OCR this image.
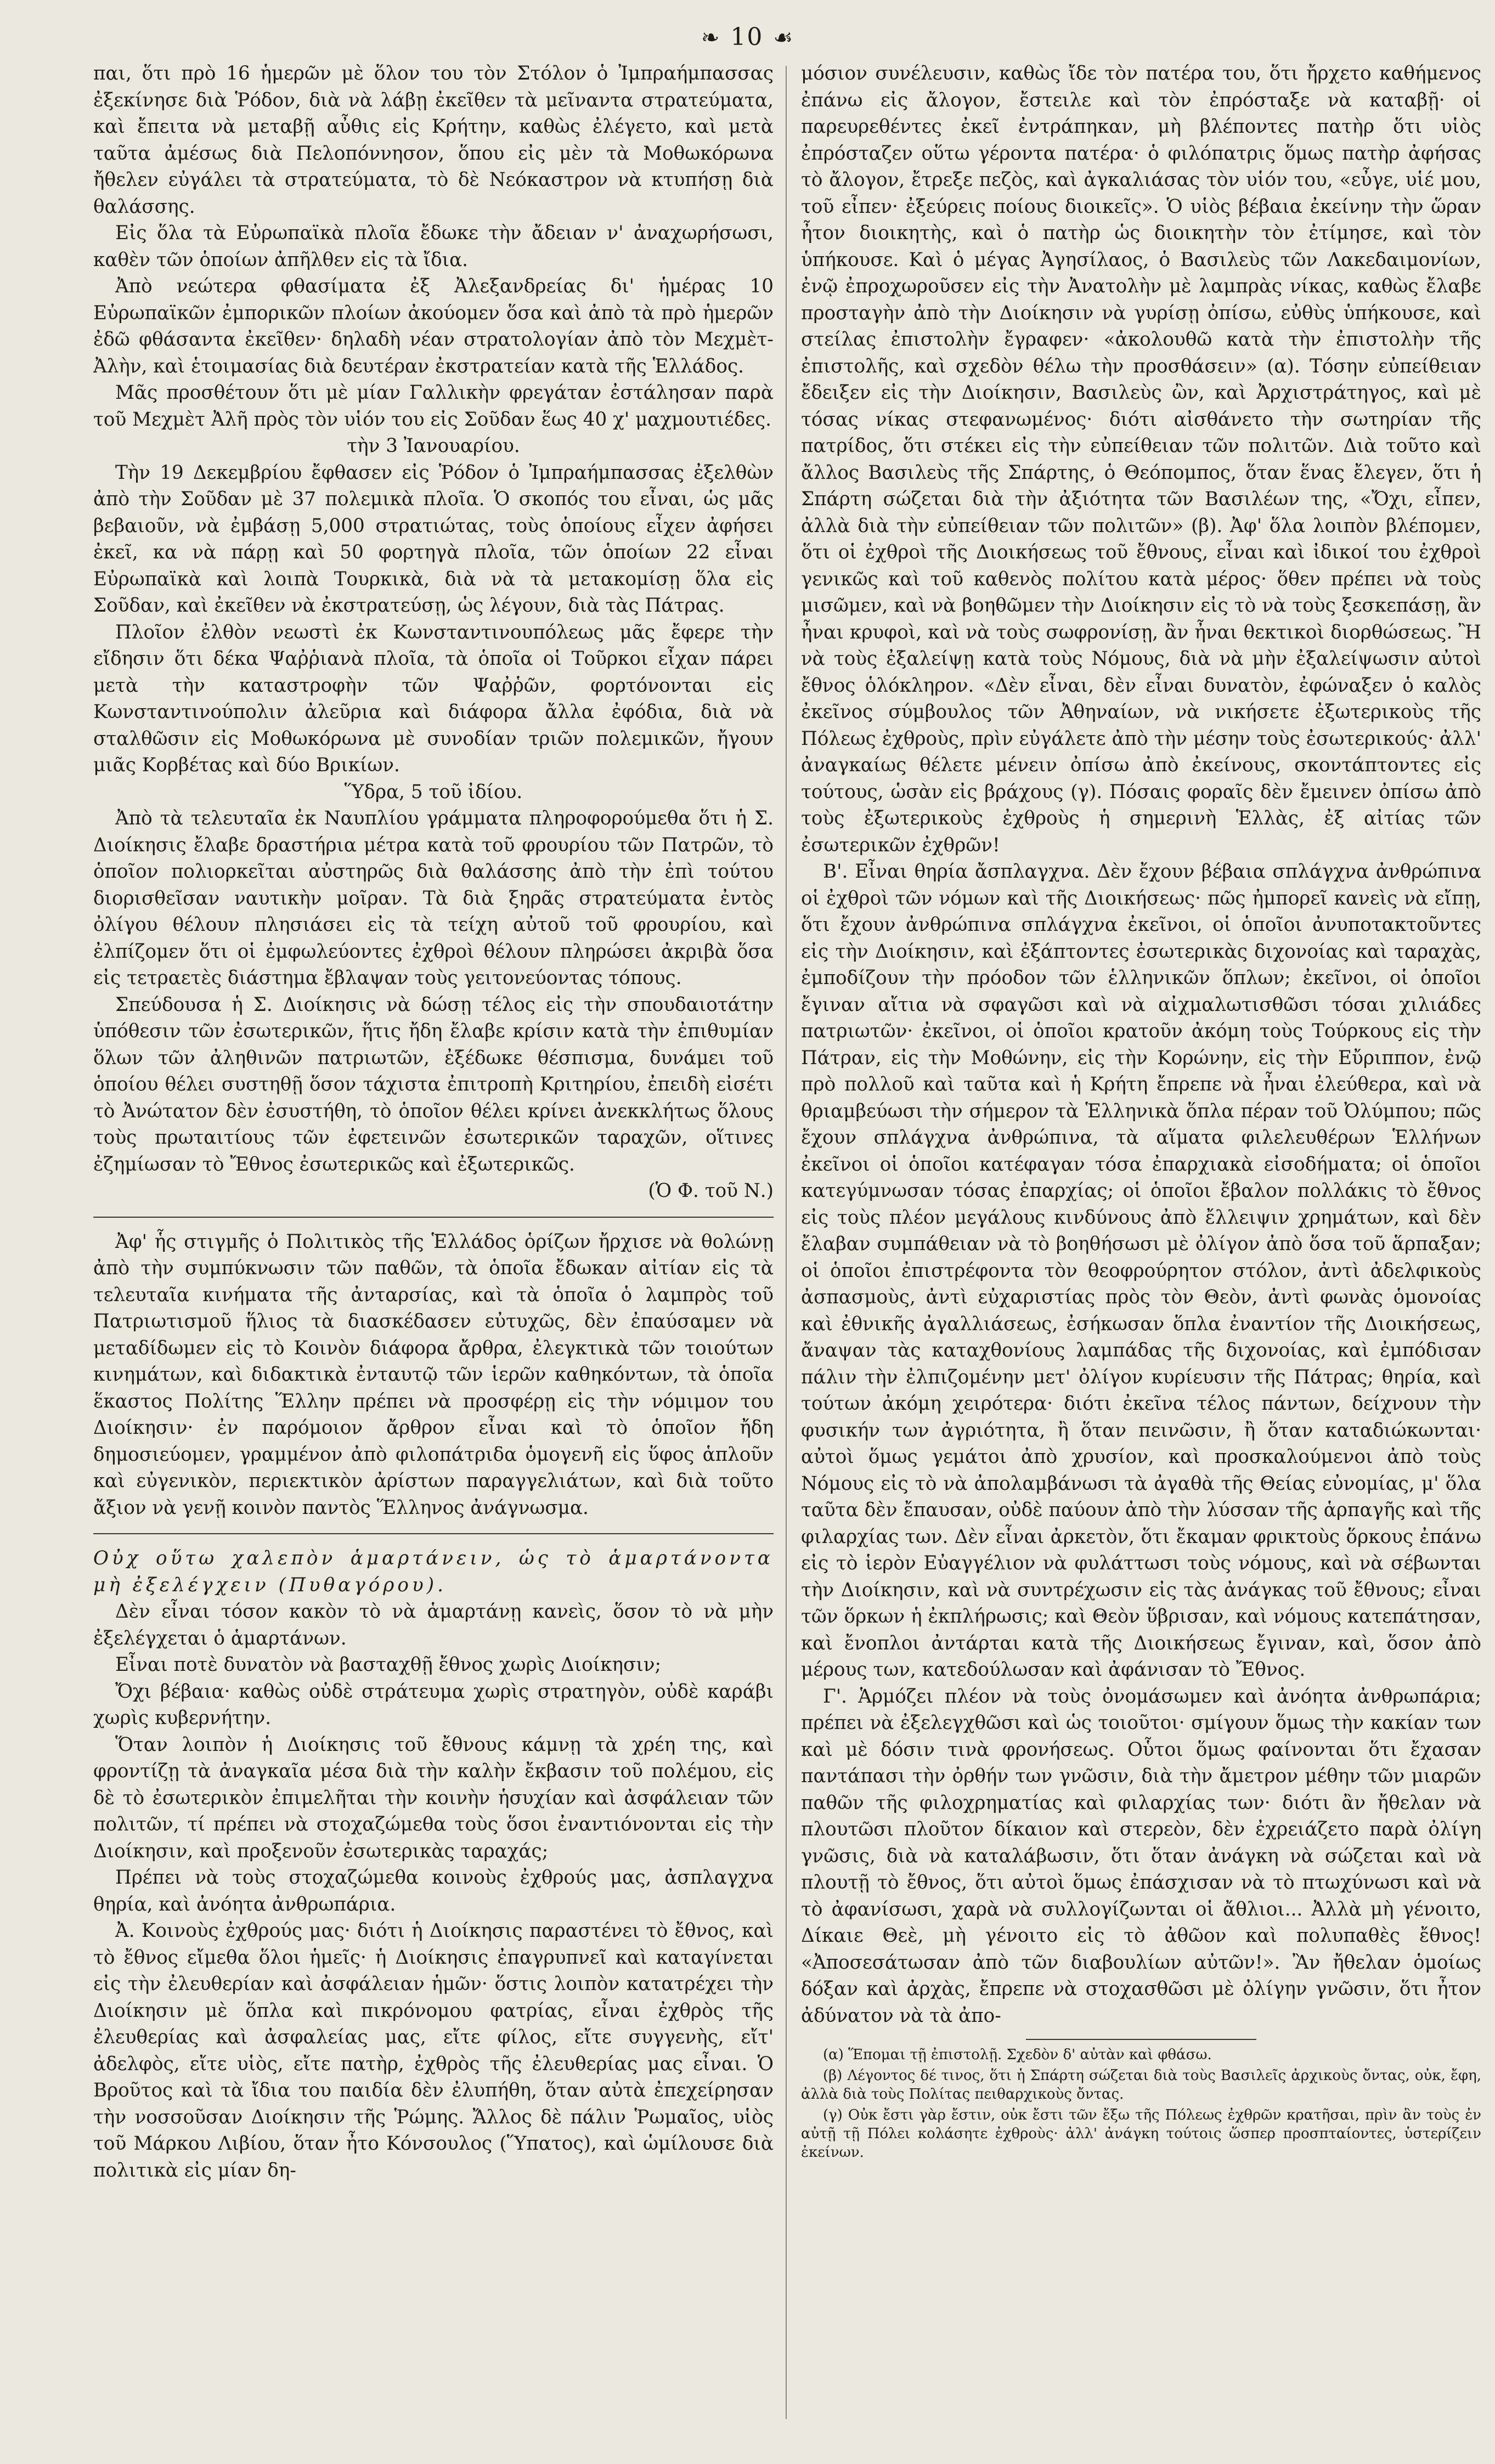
❧ 10 ☙

παι, ὅτι πρὸ 16 ἡμερῶν μὲ ὅλον του τὸν Στόλον ὁ Ἰμπραήμπασσας ἐξεκίνησε διὰ Ῥόδον, διὰ νὰ λάβῃ ἐκεῖθεν τὰ μεῖναντα στρατεύματα, καὶ ἔπειτα νὰ μεταβῇ αὖθις εἰς Κρήτην, καθὼς ἐλέγετο, καὶ μετὰ ταῦτα ἀμέσως διὰ Πελοπόννησον, ὅπου εἰς μὲν τὰ Μοθωκόρωνα ἤθελεν εὐγάλει τὰ στρατεύματα, τὸ δὲ Νεόκαστρον νὰ κτυπήσῃ διὰ θαλάσσης.

Εἰς ὅλα τὰ Εὐρωπαϊκὰ πλοῖα ἔδωκε τὴν ἄδειαν ν' ἀναχωρήσωσι, καθὲν τῶν ὁποίων ἀπῆλθεν εἰς τὰ ἴδια.

Ἀπὸ νεώτερα φθασίματα ἐξ Ἀλεξανδρείας δι' ἡμέρας 10 Εὐρωπαϊκῶν ἐμπορικῶν πλοίων ἀκούομεν ὅσα καὶ ἀπὸ τὰ πρὸ ἡμερῶν ἐδῶ φθάσαντα ἐκεῖθεν· δηλαδὴ νέαν στρατολογίαν ἀπὸ τὸν Μεχμὲτ-Ἀλὴν, καὶ ἑτοιμασίας διὰ δευτέραν ἐκστρατείαν κατὰ τῆς Ἑλλάδος.

Μᾶς προσθέτουν ὅτι μὲ μίαν Γαλλικὴν φρεγάταν ἐστάλησαν παρὰ τοῦ Μεχμὲτ Ἀλῆ πρὸς τὸν υἱόν του εἰς Σοῦδαν ἕως 40 χ' μαχμουτιέδες.

τὴν 3 Ἰανουαρίου.

Τὴν 19 Δεκεμβρίου ἔφθασεν εἰς Ῥόδον ὁ Ἰμπραήμπασσας ἐξελθὼν ἀπὸ τὴν Σοῦδαν μὲ 37 πολεμικὰ πλοῖα. Ὁ σκοπός του εἶναι, ὡς μᾶς βεβαιοῦν, νὰ ἐμβάσῃ 5,000 στρατιώτας, τοὺς ὁποίους εἶχεν ἀφήσει ἐκεῖ, κα νὰ πάρῃ καὶ 50 φορτηγὰ πλοῖα, τῶν ὁποίων 22 εἶναι Εὐρωπαϊκὰ καὶ λοιπὰ Τουρκικὰ, διὰ νὰ τὰ μετακομίσῃ ὅλα εἰς Σοῦδαν, καὶ ἐκεῖθεν νὰ ἐκστρατεύσῃ, ὡς λέγουν, διὰ τὰς Πάτρας.

Πλοῖον ἐλθὸν νεωστὶ ἐκ Κωνσταντινουπόλεως μᾶς ἔφερε τὴν εἴδησιν ὅτι δέκα Ψαῤῥιανὰ πλοῖα, τὰ ὁποῖα οἱ Τοῦρκοι εἶχαν πάρει μετὰ τὴν καταστροφὴν τῶν Ψαῤῥῶν, φορτόνονται εἰς Κωνσταντινούπολιν ἀλεῦρια καὶ διάφορα ἄλλα ἐφόδια, διὰ νὰ σταλθῶσιν εἰς Μοθωκόρωνα μὲ συνοδίαν τριῶν πολεμικῶν, ἤγουν μιᾶς Κορβέτας καὶ δύο Βρικίων.

Ὕδρα, 5 τοῦ ἰδίου.

Ἀπὸ τὰ τελευταῖα ἐκ Ναυπλίου γράμματα πληροφορούμεθα ὅτι ἡ Σ. Διοίκησις ἔλαβε δραστήρια μέτρα κατὰ τοῦ φρουρίου τῶν Πατρῶν, τὸ ὁποῖον πολιορκεῖται αὐστηρῶς διὰ θαλάσσης ἀπὸ τὴν ἐπὶ τούτου διορισθεῖσαν ναυτικὴν μοῖραν. Τὰ διὰ ξηρᾶς στρατεύματα ἐντὸς ὀλίγου θέλουν πλησιάσει εἰς τὰ τείχη αὐτοῦ τοῦ φρουρίου, καὶ ἐλπίζομεν ὅτι οἱ ἐμφωλεύοντες ἐχθροὶ θέλουν πληρώσει ἀκριβὰ ὅσα εἰς τετραετὲς διάστημα ἔβλαψαν τοὺς γειτονεύοντας τόπους.

Σπεύδουσα ἡ Σ. Διοίκησις νὰ δώσῃ τέλος εἰς τὴν σπουδαιοτάτην ὑπόθεσιν τῶν ἐσωτερικῶν, ἥτις ἤδη ἔλαβε κρίσιν κατὰ τὴν ἐπιθυμίαν ὅλων τῶν ἀληθινῶν πατριωτῶν, ἐξέδωκε θέσπισμα, δυνάμει τοῦ ὁποίου θέλει συστηθῇ ὅσον τάχιστα ἐπιτροπὴ Κριτηρίου, ἐπειδὴ εἰσέτι τὸ Ἀνώτατον δὲν ἐσυστήθη, τὸ ὁποῖον θέλει κρίνει ἀνεκκλήτως ὅλους τοὺς πρωταιτίους τῶν ἐφετεινῶν ἐσωτερικῶν ταραχῶν, οἵτινες ἐζημίωσαν τὸ Ἔθνος ἐσωτερικῶς καὶ ἐξωτερικῶς.

(Ὁ Φ. τοῦ Ν.)

Ἀφ' ἧς στιγμῆς ὁ Πολιτικὸς τῆς Ἑλλάδος ὁρίζων ἤρχισε νὰ θολώνῃ ἀπὸ τὴν συμπύκνωσιν τῶν παθῶν, τὰ ὁποῖα ἔδωκαν αἰτίαν εἰς τὰ τελευταῖα κινήματα τῆς ἀνταρσίας, καὶ τὰ ὁποῖα ὁ λαμπρὸς τοῦ Πατριωτισμοῦ ἥλιος τὰ διασκέδασεν εὐτυχῶς, δὲν ἐπαύσαμεν νὰ μεταδίδωμεν εἰς τὸ Κοινὸν διάφορα ἄρθρα, ἐλεγκτικὰ τῶν τοιούτων κινημάτων, καὶ διδακτικὰ ἐνταυτῷ τῶν ἱερῶν καθηκόντων, τὰ ὁποῖα ἕκαστος Πολίτης Ἕλλην πρέπει νὰ προσφέρῃ εἰς τὴν νόμιμον του Διοίκησιν· ἐν παρόμοιον ἄρθρον εἶναι καὶ τὸ ὁποῖον ἤδη δημοσιεύομεν, γραμμένον ἀπὸ φιλοπάτριδα ὁμογενῆ εἰς ὕφος ἁπλοῦν καὶ εὐγενικὸν, περιεκτικὸν ἀρίστων παραγγελιάτων, καὶ διὰ τοῦτο ἄξιον νὰ γενῇ κοινὸν παντὸς Ἕλληνος ἀνάγνωσμα.

Οὐχ οὕτω χαλεπὸν ἁμαρτάνειν, ὡς τὸ ἁμαρτάνοντα μὴ ἐξελέγχειν (Πυθαγόρου).

Δὲν εἶναι τόσον κακὸν τὸ νὰ ἁμαρτάνῃ κανεὶς, ὅσον τὸ νὰ μὴν ἐξελέγχεται ὁ ἁμαρτάνων.

Εἶναι ποτὲ δυνατὸν νὰ βασταχθῇ ἔθνος χωρὶς Διοίκησιν;

Ὄχι βέβαια· καθὼς οὐδὲ στράτευμα χωρὶς στρατηγὸν, οὐδὲ καράβι χωρὶς κυβερνήτην.

Ὅταν λοιπὸν ἡ Διοίκησις τοῦ ἔθνους κάμνῃ τὰ χρέη της, καὶ φροντίζῃ τὰ ἀναγκαῖα μέσα διὰ τὴν καλὴν ἔκβασιν τοῦ πολέμου, εἰς δὲ τὸ ἐσωτερικὸν ἐπιμελῆται τὴν κοινὴν ἡσυχίαν καὶ ἀσφάλειαν τῶν πολιτῶν, τί πρέπει νὰ στοχαζώμεθα τοὺς ὅσοι ἐναντιόνονται εἰς τὴν Διοίκησιν, καὶ προξενοῦν ἐσωτερικὰς ταραχάς;

Πρέπει νὰ τοὺς στοχαζώμεθα κοινοὺς ἐχθρούς μας, ἀσπλαγχνα θηρία, καὶ ἀνόητα ἀνθρωπάρια.

Ἀ. Κοινοὺς ἐχθρούς μας· διότι ἡ Διοίκησις παραστένει τὸ ἔθνος, καὶ τὸ ἔθνος εἴμεθα ὅλοι ἡμεῖς· ἡ Διοίκησις ἐπαγρυπνεῖ καὶ καταγίνεται εἰς τὴν ἐλευθερίαν καὶ ἀσφάλειαν ἡμῶν· ὅστις λοιπὸν κατατρέχει τὴν Διοίκησιν μὲ ὅπλα καὶ πικρόνομου φατρίας, εἶναι ἐχθρὸς τῆς ἐλευθερίας καὶ ἀσφαλείας μας, εἴτε φίλος, εἴτε συγγενὴς, εἴτ' ἀδελφὸς, εἴτε υἱὸς, εἴτε πατὴρ, ἐχθρὸς τῆς ἐλευθερίας μας εἶναι. Ὁ Βροῦτος καὶ τὰ ἴδια του παιδία δὲν ἐλυπήθη, ὅταν αὐτὰ ἐπεχείρησαν τὴν νοσσοῦσαν Διοίκησιν τῆς Ῥώμης. Ἄλλος δὲ πάλιν Ῥωμαῖος, υἱὸς τοῦ Μάρκου Λιβίου, ὅταν ἦτο Κόνσουλος (Ὕπατος), καὶ ὡμίλουσε διὰ πολιτικὰ εἰς μίαν δη-

μόσιον συνέλευσιν, καθὼς ἴδε τὸν πατέρα του, ὅτι ἤρχετο καθήμενος ἐπάνω εἰς ἄλογον, ἔστειλε καὶ τὸν ἐπρόσταξε νὰ καταβῇ· οἱ παρευρεθέντες ἐκεῖ ἐντράπηκαν, μὴ βλέποντες πατὴρ ὅτι υἱὸς ἐπρόσταζεν οὕτω γέροντα πατέρα· ὁ φιλόπατρις ὅμως πατὴρ ἀφήσας τὸ ἄλογον, ἔτρεξε πεζὸς, καὶ ἀγκαλιάσας τὸν υἱόν του, «εὖγε, υἱέ μου, τοῦ εἶπεν· ἐξεύρεις ποίους διοικεῖς». Ὁ υἱὸς βέβαια ἐκείνην τὴν ὥραν ἦτον διοικητὴς, καὶ ὁ πατὴρ ὡς διοικητὴν τὸν ἐτίμησε, καὶ τὸν ὑπήκουσε. Καὶ ὁ μέγας Ἀγησίλαος, ὁ Βασιλεὺς τῶν Λακεδαιμονίων, ἐνῷ ἐπροχωροῦσεν εἰς τὴν Ἀνατολὴν μὲ λαμπρὰς νίκας, καθὼς ἔλαβε προσταγὴν ἀπὸ τὴν Διοίκησιν νὰ γυρίσῃ ὀπίσω, εὐθὺς ὑπήκουσε, καὶ στείλας ἐπιστολὴν ἔγραφεν· «ἀκολουθῶ κατὰ τὴν ἐπιστολὴν τῆς ἐπιστολῆς, καὶ σχεδὸν θέλω τὴν προσθάσειν» (α). Τόσην εὐπείθειαν ἔδειξεν εἰς τὴν Διοίκησιν, Βασιλεὺς ὢν, καὶ Ἀρχιστράτηγος, καὶ μὲ τόσας νίκας στεφανωμένος· διότι αἰσθάνετο τὴν σωτηρίαν τῆς πατρίδος, ὅτι στέκει εἰς τὴν εὐπείθειαν τῶν πολιτῶν. Διὰ τοῦτο καὶ ἄλλος Βασιλεὺς τῆς Σπάρτης, ὁ Θεόπομπος, ὅταν ἕνας ἔλεγεν, ὅτι ἡ Σπάρτη σώζεται διὰ τὴν ἀξιότητα τῶν Βασιλέων της, «Ὄχι, εἶπεν, ἀλλὰ διὰ τὴν εὐπείθειαν τῶν πολιτῶν» (β). Ἀφ' ὅλα λοιπὸν βλέπομεν, ὅτι οἱ ἐχθροὶ τῆς Διοικήσεως τοῦ ἔθνους, εἶναι καὶ ἰδικοί του ἐχθροὶ γενικῶς καὶ τοῦ καθενὸς πολίτου κατὰ μέρος· ὅθεν πρέπει νὰ τοὺς μισῶμεν, καὶ νὰ βοηθῶμεν τὴν Διοίκησιν εἰς τὸ νὰ τοὺς ξεσκεπάσῃ, ἂν ἦναι κρυφοὶ, καὶ νὰ τοὺς σωφρονίσῃ, ἂν ἦναι θεκτικοὶ διορθώσεως. Ἢ νὰ τοὺς ἐξαλείψῃ κατὰ τοὺς Νόμους, διὰ νὰ μὴν ἐξαλείψωσιν αὐτοὶ ἔθνος ὁλόκληρον. «Δὲν εἶναι, δὲν εἶναι δυνατὸν, ἐφώναξεν ὁ καλὸς ἐκεῖνος σύμβουλος τῶν Ἀθηναίων, νὰ νικήσετε ἐξωτερικοὺς τῆς Πόλεως ἐχθροὺς, πρὶν εὐγάλετε ἀπὸ τὴν μέσην τοὺς ἐσωτερικούς· ἀλλ' ἀναγκαίως θέλετε μένειν ὀπίσω ἀπὸ ἐκείνους, σκοντάπτοντες εἰς τούτους, ὡσὰν εἰς βράχους (γ). Πόσαις φοραῖς δὲν ἔμεινεν ὀπίσω ἀπὸ τοὺς ἐξωτερικοὺς ἐχθροὺς ἡ σημερινὴ Ἑλλὰς, ἐξ αἰτίας τῶν ἐσωτερικῶν ἐχθρῶν!

Β'. Εἶναι θηρία ἄσπλαγχνα. Δὲν ἔχουν βέβαια σπλάγχνα ἀνθρώπινα οἱ ἐχθροὶ τῶν νόμων καὶ τῆς Διοικήσεως· πῶς ἠμπορεῖ κανεὶς νὰ εἴπῃ, ὅτι ἔχουν ἀνθρώπινα σπλάγχνα ἐκεῖνοι, οἱ ὁποῖοι ἀνυποτακτοῦντες εἰς τὴν Διοίκησιν, καὶ ἐξάπτοντες ἐσωτερικὰς διχονοίας καὶ ταραχὰς, ἐμποδίζουν τὴν πρόοδον τῶν ἑλληνικῶν ὅπλων; ἐκεῖνοι, οἱ ὁποῖοι ἔγιναν αἴτια νὰ σφαγῶσι καὶ νὰ αἰχμαλωτισθῶσι τόσαι χιλιάδες πατριωτῶν· ἐκεῖνοι, οἱ ὁποῖοι κρατοῦν ἀκόμη τοὺς Τούρκους εἰς τὴν Πάτραν, εἰς τὴν Μοθώνην, εἰς τὴν Κορώνην, εἰς τὴν Εὔριππον, ἐνῷ πρὸ πολλοῦ καὶ ταῦτα καὶ ἡ Κρήτη ἔπρεπε νὰ ἦναι ἐλεύθερα, καὶ νὰ θριαμβεύωσι τὴν σήμερον τὰ Ἑλληνικὰ ὅπλα πέραν τοῦ Ὀλύμπου; πῶς ἔχουν σπλάγχνα ἀνθρώπινα, τὰ αἵματα φιλελευθέρων Ἑλλήνων ἐκεῖνοι οἱ ὁποῖοι κατέφαγαν τόσα ἐπαρχιακὰ εἰσοδήματα; οἱ ὁποῖοι κατεγύμνωσαν τόσας ἐπαρχίας; οἱ ὁποῖοι ἔβαλον πολλάκις τὸ ἔθνος εἰς τοὺς πλέον μεγάλους κινδύνους ἀπὸ ἔλλειψιν χρημάτων, καὶ δὲν ἔλαβαν συμπάθειαν νὰ τὸ βοηθήσωσι μὲ ὀλίγον ἀπὸ ὅσα τοῦ ἅρπαξαν; οἱ ὁποῖοι ἐπιστρέφοντα τὸν θεοφρούρητον στόλον, ἀντὶ ἀδελφικοὺς ἀσπασμοὺς, ἀντὶ εὐχαριστίας πρὸς τὸν Θεὸν, ἀντὶ φωνὰς ὁμονοίας καὶ ἐθνικῆς ἀγαλλιάσεως, ἐσήκωσαν ὅπλα ἐναντίον τῆς Διοικήσεως, ἄναψαν τὰς καταχθονίους λαμπάδας τῆς διχονοίας, καὶ ἐμπόδισαν πάλιν τὴν ἐλπιζομένην μετ' ὀλίγον κυρίευσιν τῆς Πάτρας; θηρία, καὶ τούτων ἀκόμη χειρότερα· διότι ἐκεῖνα τέλος πάντων, δείχνουν τὴν φυσικήν των ἀγριότητα, ἢ ὅταν πεινῶσιν, ἢ ὅταν καταδιώκωνται· αὐτοὶ ὅμως γεμάτοι ἀπὸ χρυσίον, καὶ προσκαλούμενοι ἀπὸ τοὺς Νόμους εἰς τὸ νὰ ἀπολαμβάνωσι τὰ ἀγαθὰ τῆς Θείας εὐνομίας, μ' ὅλα ταῦτα δὲν ἔπαυσαν, οὐδὲ παύουν ἀπὸ τὴν λύσσαν τῆς ἁρπαγῆς καὶ τῆς φιλαρχίας των. Δὲν εἶναι ἀρκετὸν, ὅτι ἔκαμαν φρικτοὺς ὅρκους ἐπάνω εἰς τὸ ἱερὸν Εὐαγγέλιον νὰ φυλάττωσι τοὺς νόμους, καὶ νὰ σέβωνται τὴν Διοίκησιν, καὶ νὰ συντρέχωσιν εἰς τὰς ἀνάγκας τοῦ ἔθνους; εἶναι τῶν ὅρκων ἡ ἐκπλήρωσις; καὶ Θεὸν ὕβρισαν, καὶ νόμους κατεπάτησαν, καὶ ἔνοπλοι ἀντάρται κατὰ τῆς Διοικήσεως ἔγιναν, καὶ, ὅσον ἀπὸ μέρους των, κατεδούλωσαν καὶ ἀφάνισαν τὸ Ἔθνος.

Γ'. Ἁρμόζει πλέον νὰ τοὺς ὀνομάσωμεν καὶ ἀνόητα ἀνθρωπάρια; πρέπει νὰ ἐξελεγχθῶσι καὶ ὡς τοιοῦτοι· σμίγουν ὅμως τὴν κακίαν των καὶ μὲ δόσιν τινὰ φρονήσεως. Οὗτοι ὅμως φαίνονται ὅτι ἔχασαν παντάπασι τὴν ὀρθήν των γνῶσιν, διὰ τὴν ἄμετρον μέθην τῶν μιαρῶν παθῶν τῆς φιλοχρηματίας καὶ φιλαρχίας των· διότι ἂν ἤθελαν νὰ πλουτῶσι πλοῦτον δίκαιον καὶ στερεὸν, δὲν ἐχρειάζετο παρὰ ὀλίγη γνῶσις, διὰ νὰ καταλάβωσιν, ὅτι ὅταν ἀνάγκη νὰ σώζεται καὶ νὰ πλουτῇ τὸ ἔθνος, ὅτι αὐτοὶ ὅμως ἐπάσχισαν νὰ τὸ πτωχύνωσι καὶ νὰ τὸ ἀφανίσωσι, χαρὰ νὰ συλλογίζωνται οἱ ἄθλιοι... Ἀλλὰ μὴ γένοιτο, Δίκαιε Θεὲ, μὴ γένοιτο εἰς τὸ ἀθῶον καὶ πολυπαθὲς ἔθνος! «Ἀποσεσάτωσαν ἀπὸ τῶν διαβουλίων αὐτῶν!». Ἂν ἤθελαν ὁμοίως δόξαν καὶ ἀρχὰς, ἔπρεπε νὰ στοχασθῶσι μὲ ὀλίγην γνῶσιν, ὅτι ἦτον ἀδύνατον νὰ τὰ ἀπο-

(α) Ἕπομαι τῇ ἐπιστολῇ. Σχεδὸν δ' αὐτὰν καὶ φθάσω.

(β) Λέγοντος δέ τινος, ὅτι ἡ Σπάρτη σώζεται διὰ τοὺς Βασιλεῖς ἀρχικοὺς ὄντας, οὐκ, ἔφη, ἀλλὰ διὰ τοὺς Πολίτας πειθαρχικοὺς ὄντας.

(γ) Οὐκ ἔστι γὰρ ἔστιν, οὐκ ἔστι τῶν ἔξω τῆς Πόλεως ἐχθρῶν κρατῆσαι, πρὶν ἂν τοὺς ἐν αὐτῇ τῇ Πόλει κολάσητε ἐχθροὺς· ἀλλ' ἀνάγκη τούτοις ὥσπερ προσπταίοντες, ὑστερίζειν ἐκείνων.
